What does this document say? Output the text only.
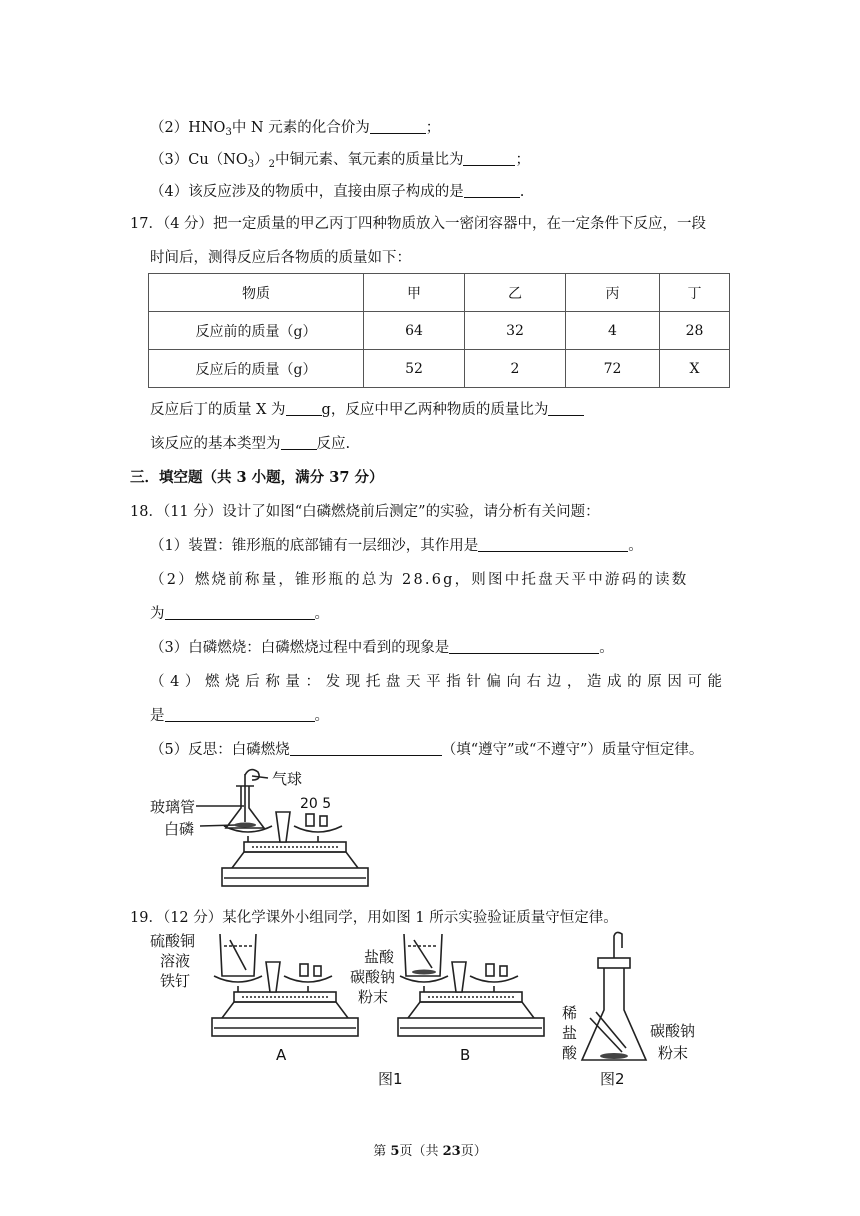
$(2)HNO_3$中 N 元素的化合价为	；
$(3)Cu(NO_3)_2$中铜元素、氧元素的质量比为	；
（4）该反应涉及的物质中，直接由原子构成的是	.
17．（4 分）把一定质量的甲乙丙丁四种物质放入一密闭容器中，在一定条件下反应，一段
时间后，测得反应后各物质的质量如下：
物质	甲	乙	丙	丁
反应前的质量（g）	64	32	4	28
反应后的质量（g）	52	2	72	X
反应后丁的质量 X 为 g，反应中甲乙两种物质的质量比为
该反应的基本类型为 反应.
三．填空题（共 3 小题，满分 37 分）
18．（11 分）设计了如图“白磷燃烧前后测定”的实验，请分析有关问题：
（1）装置：锥形瓶的底部铺有一层细沙，其作用是	。
（2）燃烧前称量，锥形瓶的总为 28.6g，则图中托盘天平中游码的读数
为	。
（3）白磷燃烧：白磷燃烧过程中看到的现象是	。
（4）燃烧后称量：发现托盘天平指针偏向右边，造成的原因可能
是	。
（5）反思：白磷燃烧	（填“遵守”或“不遵守”）质量守恒定律。
气球
玻璃管
白磷
20 5
19．（12 分）某化学课外小组同学，用如图 1 所示实验验证质量守恒定律。
硫酸铜
溶液
铁钉
A
盐酸
碳酸钠
粉末
B
图1
稀
盐
酸
碳酸钠
粉末
图2
第 5页（共 23页）
